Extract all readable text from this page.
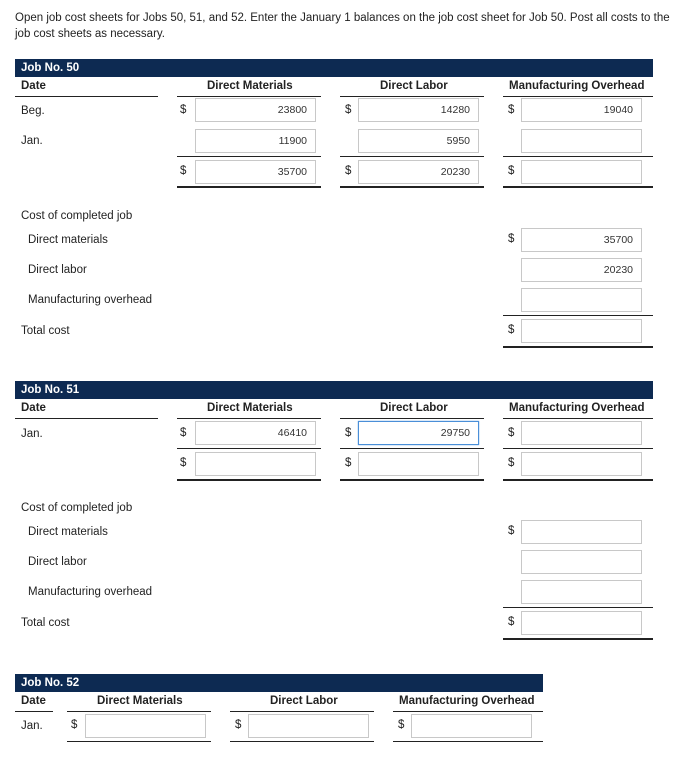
Open job cost sheets for Jobs 50, 51, and 52. Enter the January 1 balances on the job cost sheet for Job 50. Post all costs to the job cost sheets as necessary.
Job No. 50
Date	Direct Materials	Direct Labor	Manufacturing Overhead
Beg.	$	23800	$	14280	$	19040
Jan.	11900	5950
$	35700	$	20230	$
Cost of completed job
Direct materials	$	35700
Direct labor	20230
Manufacturing overhead
Total cost	$
Job No. 51
Date	Direct Materials	Direct Labor	Manufacturing Overhead
Jan.	$	46410	$	29750	$
$	$	$
Cost of completed job
Direct materials	$
Direct labor
Manufacturing overhead
Total cost	$
Job No. 52
Date	Direct Materials	Direct Labor	Manufacturing Overhead
Jan. $	$	$
